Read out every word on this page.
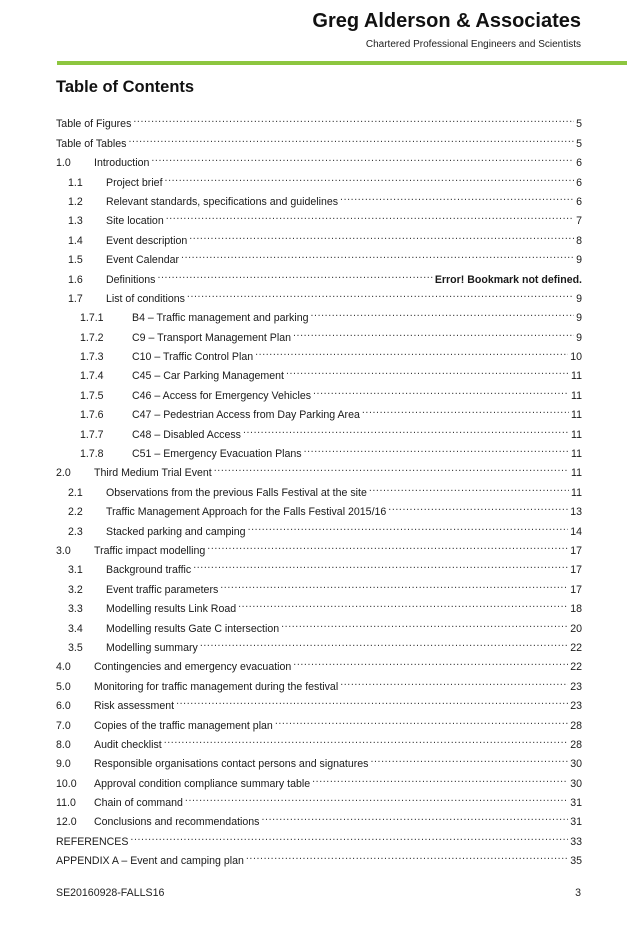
Greg Alderson & Associates
Chartered Professional Engineers and Scientists
Table of Contents
Table of Figures .....	5
Table of Tables .....	5
1.0	Introduction .....	6
1.1	Project brief .....	6
1.2	Relevant standards, specifications and guidelines .....	6
1.3	Site location .....	7
1.4	Event description .....	8
1.5	Event Calendar .....	9
1.6	Definitions .....	Error! Bookmark not defined.
1.7	List of conditions .....	9
1.7.1	B4 – Traffic management and parking .....	9
1.7.2	C9 – Transport Management Plan .....	9
1.7.3	C10 – Traffic Control Plan .....	10
1.7.4	C45 – Car Parking Management .....	11
1.7.5	C46 – Access for Emergency Vehicles .....	11
1.7.6	C47 – Pedestrian Access from Day Parking Area .....	11
1.7.7	C48 – Disabled Access .....	11
1.7.8	C51 – Emergency Evacuation Plans .....	11
2.0	Third Medium Trial Event .....	11
2.1	Observations from the previous Falls Festival at the site .....	11
2.2	Traffic Management Approach for the Falls Festival 2015/16 .....	13
2.3	Stacked parking and camping .....	14
3.0	Traffic impact modelling .....	17
3.1	Background traffic .....	17
3.2	Event traffic parameters .....	17
3.3	Modelling results Link Road .....	18
3.4	Modelling results Gate C intersection .....	20
3.5	Modelling summary .....	22
4.0	Contingencies and emergency evacuation .....	22
5.0	Monitoring for traffic management during the festival .....	23
6.0	Risk assessment .....	23
7.0	Copies of the traffic management plan .....	28
8.0	Audit checklist .....	28
9.0	Responsible organisations contact persons and signatures .....	30
10.0	Approval condition compliance summary table .....	30
11.0	Chain of command .....	31
12.0	Conclusions and recommendations .....	31
REFERENCES .....	33
APPENDIX A – Event and camping plan .....	35
SE20160928-FALLS16	3
